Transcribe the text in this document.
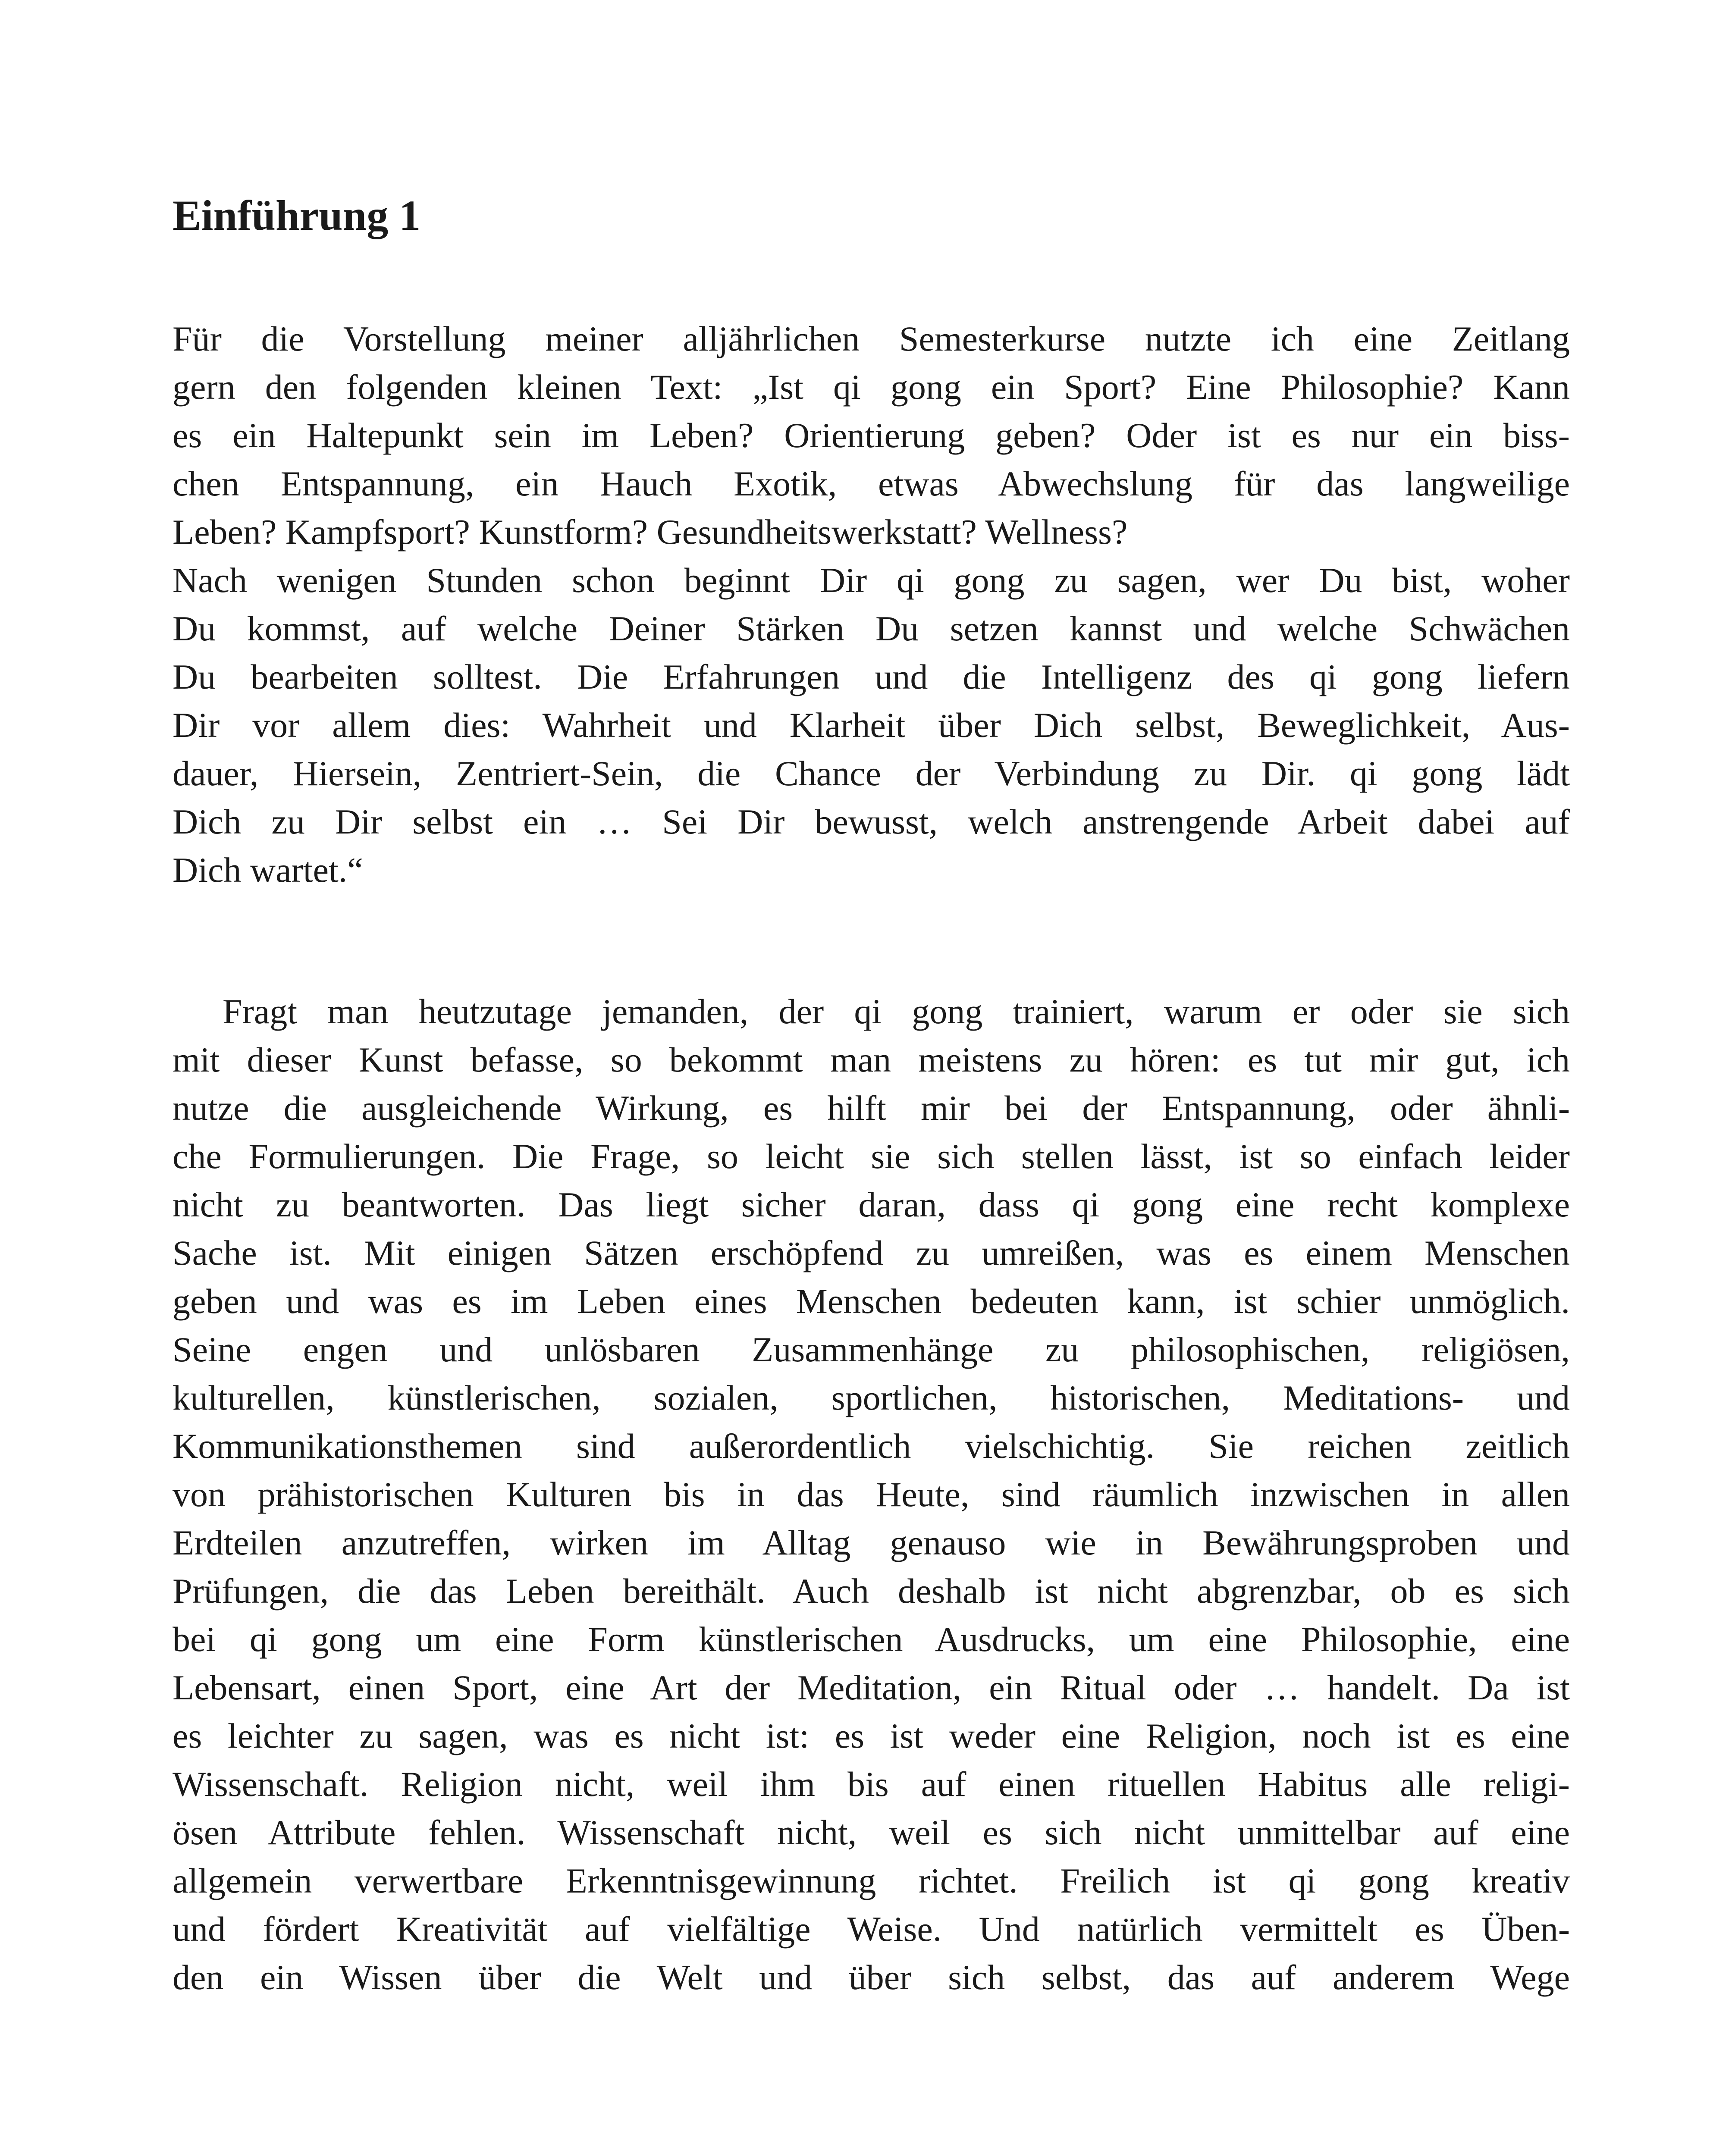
Einführung 1
Für die Vorstellung meiner alljährlichen Semesterkurse nutzte ich eine Zeitlang
gern den folgenden kleinen Text: „Ist qi gong ein Sport? Eine Philosophie? Kann
es ein Haltepunkt sein im Leben? Orientierung geben? Oder ist es nur ein biss-
chen Entspannung, ein Hauch Exotik, etwas Abwechslung für das langweilige
Leben? Kampfsport? Kunstform? Gesundheitswerkstatt? Wellness?
Nach wenigen Stunden schon beginnt Dir qi gong zu sagen, wer Du bist, woher
Du kommst, auf welche Deiner Stärken Du setzen kannst und welche Schwächen
Du bearbeiten solltest. Die Erfahrungen und die Intelligenz des qi gong liefern
Dir vor allem dies: Wahrheit und Klarheit über Dich selbst, Beweglichkeit, Aus-
dauer, Hiersein, Zentriert-Sein, die Chance der Verbindung zu Dir. qi gong lädt
Dich zu Dir selbst ein … Sei Dir bewusst, welch anstrengende Arbeit dabei auf
Dich wartet.“
Fragt man heutzutage jemanden, der qi gong trainiert, warum er oder sie sich
mit dieser Kunst befasse, so bekommt man meistens zu hören: es tut mir gut, ich
nutze die ausgleichende Wirkung, es hilft mir bei der Entspannung, oder ähnli-
che Formulierungen. Die Frage, so leicht sie sich stellen lässt, ist so einfach leider
nicht zu beantworten. Das liegt sicher daran, dass qi gong eine recht komplexe
Sache ist. Mit einigen Sätzen erschöpfend zu umreißen, was es einem Menschen
geben und was es im Leben eines Menschen bedeuten kann, ist schier unmöglich.
Seine engen und unlösbaren Zusammenhänge zu philosophischen, religiösen,
kulturellen, künstlerischen, sozialen, sportlichen, historischen, Meditations- und
Kommunikationsthemen sind außerordentlich vielschichtig. Sie reichen zeitlich
von prähistorischen Kulturen bis in das Heute, sind räumlich inzwischen in allen
Erdteilen anzutreffen, wirken im Alltag genauso wie in Bewährungsproben und
Prüfungen, die das Leben bereithält. Auch deshalb ist nicht abgrenzbar, ob es sich
bei qi gong um eine Form künstlerischen Ausdrucks, um eine Philosophie, eine
Lebensart, einen Sport, eine Art der Meditation, ein Ritual oder … handelt. Da ist
es leichter zu sagen, was es nicht ist: es ist weder eine Religion, noch ist es eine
Wissenschaft. Religion nicht, weil ihm bis auf einen rituellen Habitus alle religi-
ösen Attribute fehlen. Wissenschaft nicht, weil es sich nicht unmittelbar auf eine
allgemein verwertbare Erkenntnisgewinnung richtet. Freilich ist qi gong kreativ
und fördert Kreativität auf vielfältige Weise. Und natürlich vermittelt es Üben-
den ein Wissen über die Welt und über sich selbst, das auf anderem Wege
